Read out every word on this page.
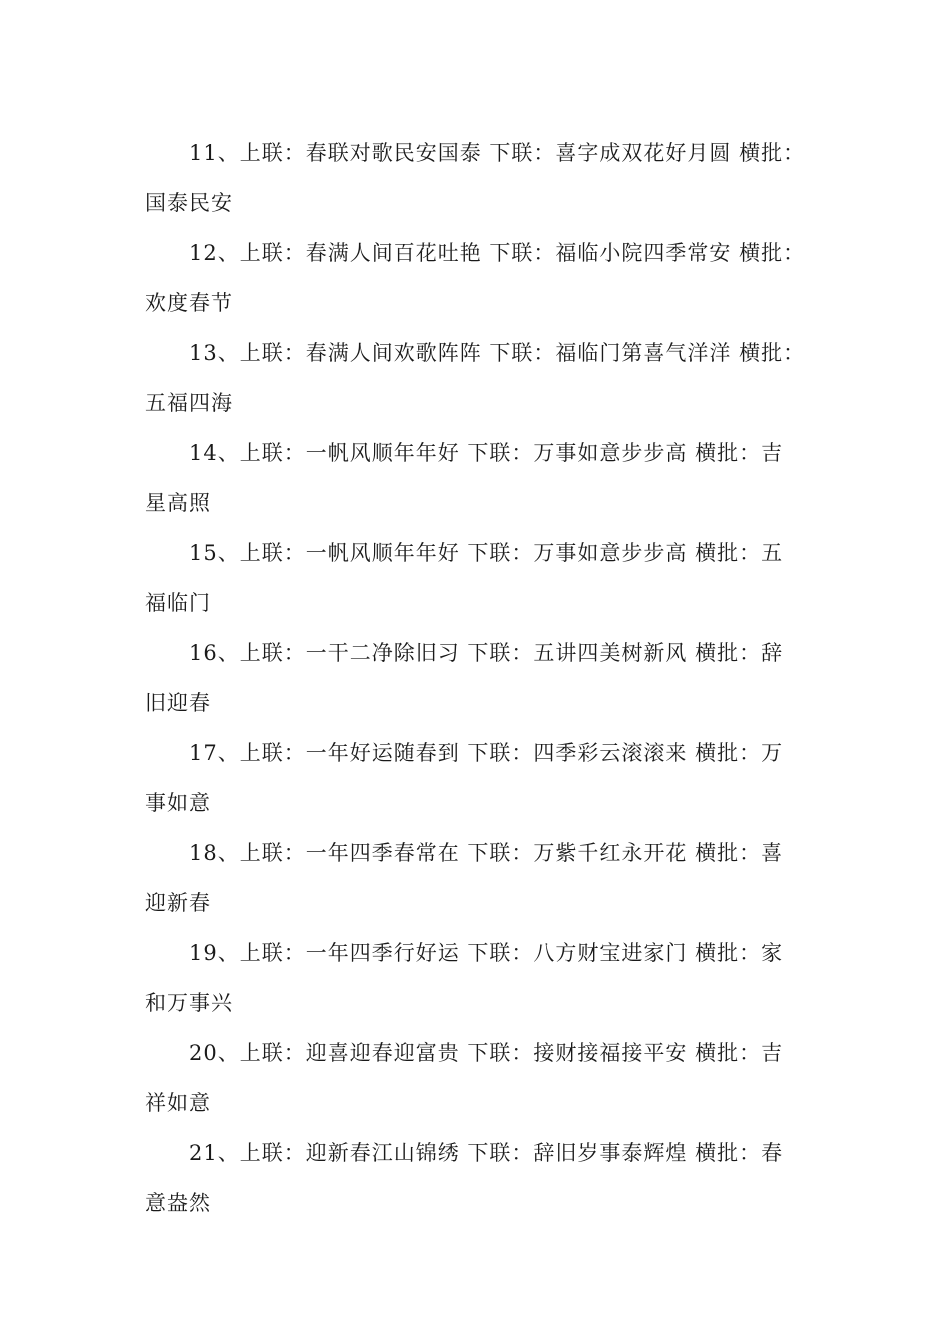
11、上联：春联对歌民安国泰 下联：喜字成双花好月圆 横批：
国泰民安
12、上联：春满人间百花吐艳 下联：福临小院四季常安 横批：
欢度春节
13、上联：春满人间欢歌阵阵 下联：福临门第喜气洋洋 横批：
五福四海
14、上联：一帆风顺年年好 下联：万事如意步步高 横批：吉
星高照
15、上联：一帆风顺年年好 下联：万事如意步步高 横批：五
福临门
16、上联：一干二净除旧习 下联：五讲四美树新风 横批：辞
旧迎春
17、上联：一年好运随春到 下联：四季彩云滚滚来 横批：万
事如意
18、上联：一年四季春常在 下联：万紫千红永开花 横批：喜
迎新春
19、上联：一年四季行好运 下联：八方财宝进家门 横批：家
和万事兴
20、上联：迎喜迎春迎富贵 下联：接财接福接平安 横批：吉
祥如意
21、上联：迎新春江山锦绣 下联：辞旧岁事泰辉煌 横批：春
意盎然
